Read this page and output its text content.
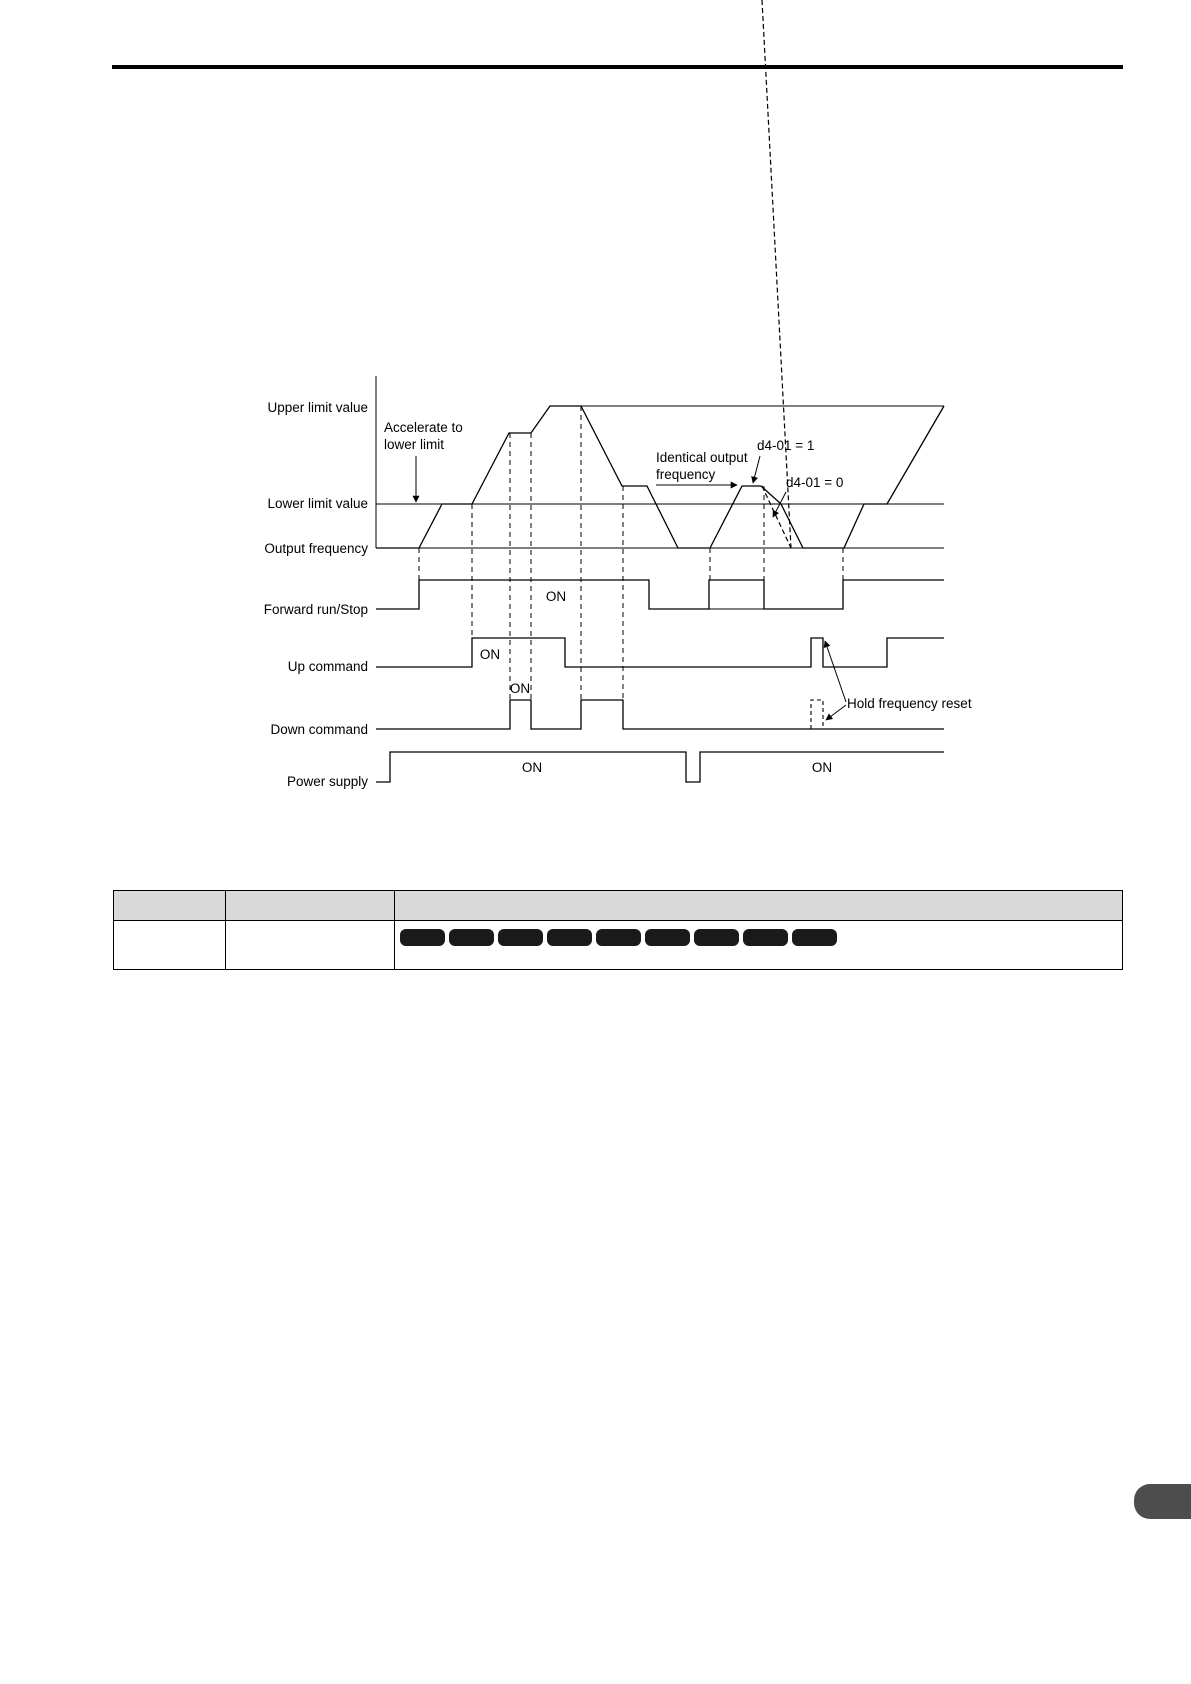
Upper limit value
Lower limit value
Output frequency
Forward run/Stop
Up command
Down command
Power supply
Accelerate to
lower limit
Identical output
frequency
d4-01 = 1
d4-01 = 0
Hold frequency reset
ON
ON
ON
ON	ON
